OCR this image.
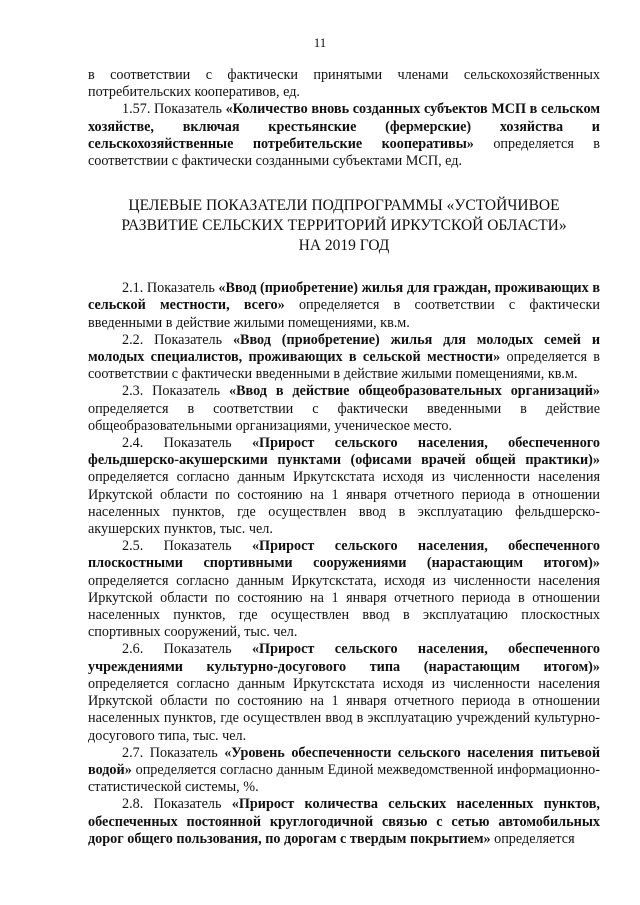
11

в соответствии с фактически принятыми членами сельскохозяйственных потребительских кооперативов, ед.

1.57. Показатель «Количество вновь созданных субъектов МСП в сельском хозяйстве, включая крестьянские (фермерские) хозяйства и сельскохозяйственные потребительские кооперативы» определяется в соответствии с фактически созданными субъектами МСП, ед.

ЦЕЛЕВЫЕ ПОКАЗАТЕЛИ ПОДПРОГРАММЫ «УСТОЙЧИВОЕ
РАЗВИТИЕ СЕЛЬСКИХ ТЕРРИТОРИЙ ИРКУТСКОЙ ОБЛАСТИ»
НА 2019 ГОД

2.1. Показатель «Ввод (приобретение) жилья для граждан, проживающих в сельской местности, всего» определяется в соответствии с фактически введенными в действие жилыми помещениями, кв.м.

2.2. Показатель «Ввод (приобретение) жилья для молодых семей и молодых специалистов, проживающих в сельской местности» определяется в соответствии с фактически введенными в действие жилыми помещениями, кв.м.

2.3. Показатель «Ввод в действие общеобразовательных организаций» определяется в соответствии с фактически введенными в действие общеобразовательными организациями, ученическое место.

2.4. Показатель «Прирост сельского населения, обеспеченного фельдшерско-акушерскими пунктами (офисами врачей общей практики)» определяется согласно данным Иркутскстата исходя из численности населения Иркутской области по состоянию на 1 января отчетного периода в отношении населенных пунктов, где осуществлен ввод в эксплуатацию фельдшерско-акушерских пунктов, тыс. чел.

2.5. Показатель «Прирост сельского населения, обеспеченного плоскостными спортивными сооружениями (нарастающим итогом)» определяется согласно данным Иркутскстата, исходя из численности населения Иркутской области по состоянию на 1 января отчетного периода в отношении населенных пунктов, где осуществлен ввод в эксплуатацию плоскостных спортивных сооружений, тыс. чел.

2.6. Показатель «Прирост сельского населения, обеспеченного учреждениями культурно-досугового типа (нарастающим итогом)» определяется согласно данным Иркутскстата исходя из численности населения Иркутской области по состоянию на 1 января отчетного периода в отношении населенных пунктов, где осуществлен ввод в эксплуатацию учреждений культурно-досугового типа, тыс. чел.

2.7. Показатель «Уровень обеспеченности сельского населения питьевой водой» определяется согласно данным Единой межведомственной информационно-статистической системы, %.

2.8. Показатель «Прирост количества сельских населенных пунктов, обеспеченных постоянной круглогодичной связью с сетью автомобильных дорог общего пользования, по дорогам с твердым покрытием» определяется
